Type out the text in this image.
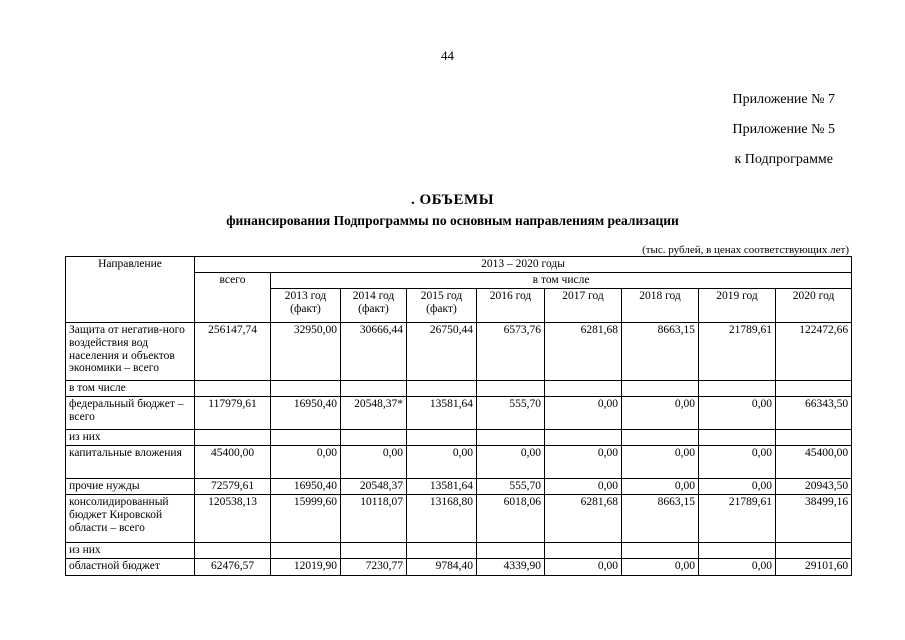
44
Приложение № 7
Приложение № 5
к Подпрограмме
. ОБЪЕМЫ
финансирования Подпрограммы по основным направлениям реализации
(тыс. рублей, в ценах соответствующих лет)
Направление	2013 – 2020 годы								
	всего	в том числе							
		2013 год (факт)	2014 год (факт)	2015 год (факт)	2016 год	2017 год	2018 год	2019 год	2020 год
Защита от негатив-ного воздействия вод населения и объектов экономики – всего	256147,74	32950,00	30666,44	26750,44	6573,76	6281,68	8663,15	21789,61	122472,66
в том числе									
федеральный бюджет – всего	117979,61	16950,40	20548,37*	13581,64	555,70	0,00	0,00	0,00	66343,50
из них									
капитальные вложения	45400,00	0,00	0,00	0,00	0,00	0,00	0,00	0,00	45400,00
прочие нужды	72579,61	16950,40	20548,37	13581,64	555,70	0,00	0,00	0,00	20943,50
консолидированный бюджет Кировской области – всего	120538,13	15999,60	10118,07	13168,80	6018,06	6281,68	8663,15	21789,61	38499,16
из них									
областной бюджет	62476,57	12019,90	7230,77	9784,40	4339,90	0,00	0,00	0,00	29101,60
